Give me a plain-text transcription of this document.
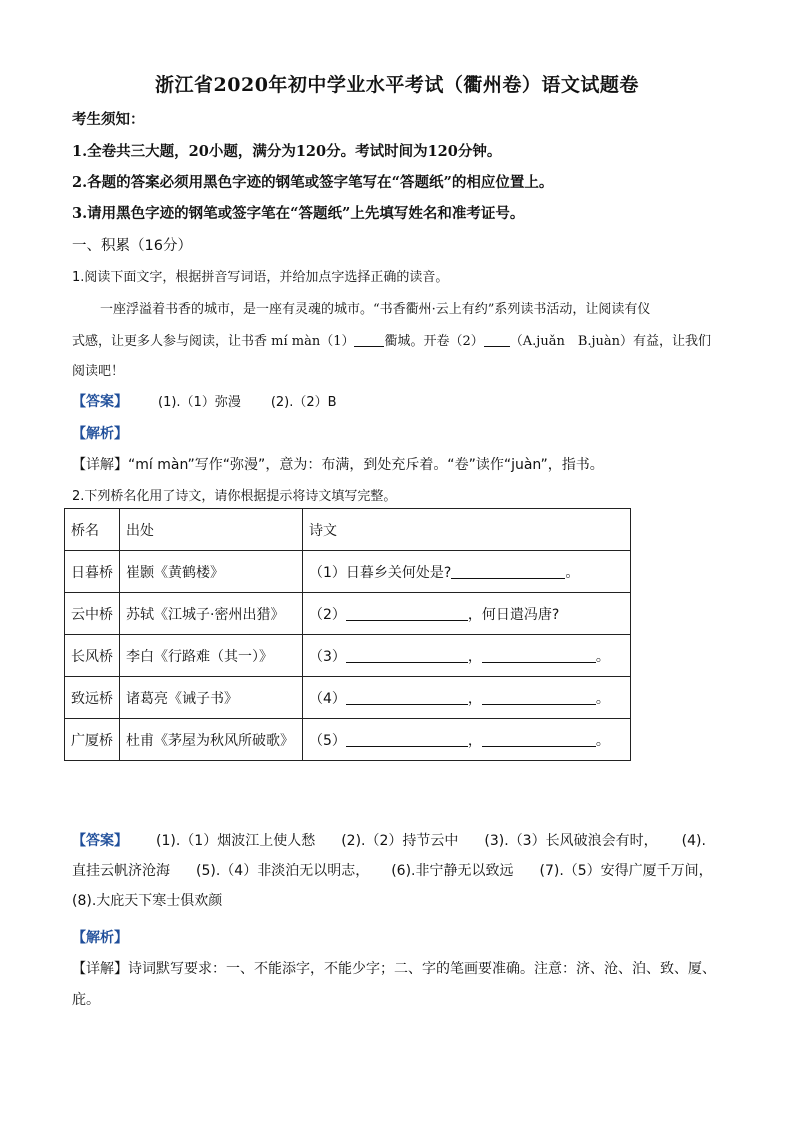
浙江省2020年初中学业水平考试（衢州卷）语文试题卷
考生须知：
1.全卷共三大题，20小题，满分为120分。考试时间为120分钟。
2.各题的答案必须用黑色字迹的钢笔或签字笔写在“答题纸”的相应位置上。
3.请用黑色字迹的钢笔或签字笔在“答题纸”上先填写姓名和准考证号。
一、积累（16分）
1.阅读下面文字，根据拼音写词语，并给加点字选择正确的读音。
一座浮溢着书香的城市，是一座有灵魂的城市。“书香衢州·云上有约”系列读书活动，让阅读有仪
式感，让更多人参与阅读，让书香 mí màn（1） 衢城。开卷（2） （A.juǎn　B.juàn）有益，让我们
阅读吧！
【答案】 (1).（1）弥漫 (2).（2）B
【解析】
【详解】“mí màn”写作“弥漫”，意为：布满，到处充斥着。“卷”读作“juàn”，指书。
2.下列桥名化用了诗文，请你根据提示将诗文填写完整。
桥名	出处	诗文
日暮桥	崔颢《黄鹤楼》	（1）日暮乡关何处是? 。
云中桥	苏轼《江城子·密州出猎》	（2） ，何日遣冯唐?
长风桥	李白《行路难（其一）》	（3） ， 。
致远桥	诸葛亮《诫子书》	（4） ， 。
广厦桥	杜甫《茅屋为秋风所破歌》	（5） ， 。
【答案】 (1).（1）烟波江上使人愁 (2).（2）持节云中 (3).（3）长风破浪会有时， (4).
直挂云帆济沧海 (5).（4）非淡泊无以明志， (6).非宁静无以致远 (7).（5）安得广厦千万间，
(8).大庇天下寒士俱欢颜
【解析】
【详解】诗词默写要求：一、不能添字，不能少字；二、字的笔画要准确。注意：济、沧、泊、致、厦、
庇。
